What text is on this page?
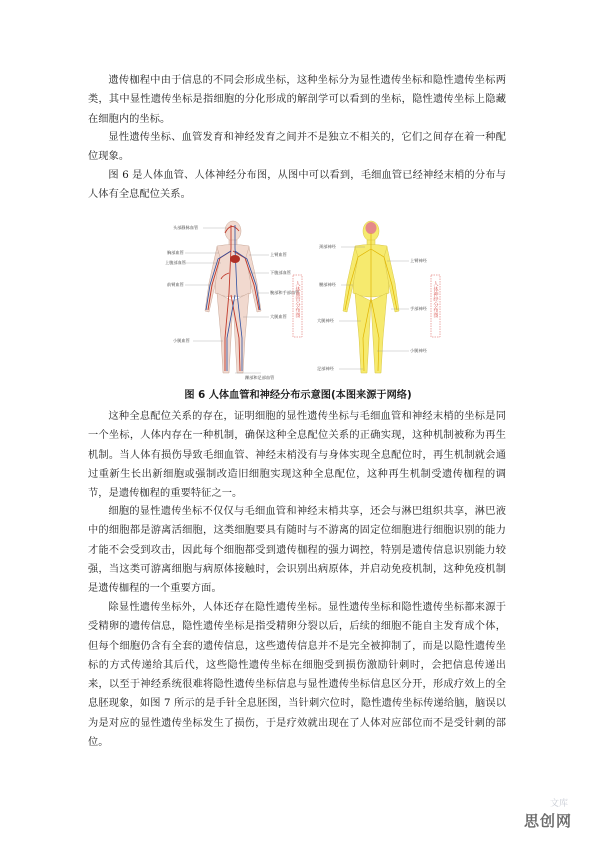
遗传枷程中由于信息的不同会形成坐标，这种坐标分为显性遗传坐标和隐性遗传坐标两类，其中显性遗传坐标是指细胞的分化形成的解剖学可以看到的坐标，隐性遗传坐标上隐藏在细胞内的坐标。

显性遗传坐标、血管发育和神经发育之间并不是独立不相关的，它们之间存在着一种配位现象。

图 6 是人体血管、人体神经分布图，从图中可以看到，毛细血管已经神经末梢的分布与人体有全息配位关系。

头部静脉血管
胸部血管	上臂血管
上腹部血管
下腹部血管
前臂血管
腕部和手部血管
大腿血管
小腿血管
踝部和足部血管
人体血管分布图
颈部神经
上臂神经
腰部神经
手部神经
大腿神经
小腿神经
足部神经
人体神经分布图
图 6 人体血管和神经分布示意图(本图来源于网络)

这种全息配位关系的存在，证明细胞的显性遗传坐标与毛细血管和神经末梢的坐标是同一个坐标，人体内存在一种机制，确保这种全息配位关系的正确实现，这种机制被称为再生机制。当人体有损伤导致毛细血管、神经末梢没有与身体实现全息配位时，再生机制就会通过重新生长出新细胞或强制改造旧细胞实现这种全息配位，这种再生机制受遗传枷程的调节，是遗传枷程的重要特征之一。

细胞的显性遗传坐标不仅仅与毛细血管和神经末梢共享，还会与淋巴组织共享，淋巴液中的细胞都是游离活细胞，这类细胞要具有随时与不游离的固定位细胞进行细胞识别的能力才能不会受到攻击，因此每个细胞都受到遗传枷程的强力调控，特别是遗传信息识别能力较强，当这类可游离细胞与病原体接触时，会识别出病原体，并启动免疫机制，这种免疫机制是遗传枷程的一个重要方面。

除显性遗传坐标外，人体还存在隐性遗传坐标。显性遗传坐标和隐性遗传坐标都来源于受精卵的遗传信息，隐性遗传坐标是指受精卵分裂以后，后续的细胞不能自主发育成个体，但每个细胞仍含有全套的遗传信息，这些遗传信息并不是完全被抑制了，而是以隐性遗传坐标的方式传递给其后代，这些隐性遗传坐标在细胞受到损伤激励针刺时，会把信息传递出来，以至于神经系统很难将隐性遗传坐标信息与显性遗传坐标信息区分开，形成疗效上的全息胚现象，如图 7 所示的是手针全息胚图，当针刺穴位时，隐性遗传坐标传递给脑，脑误以为是对应的显性遗传坐标发生了损伤，于是疗效就出现在了人体对应部位而不是受针刺的部位。

文库
思创网
